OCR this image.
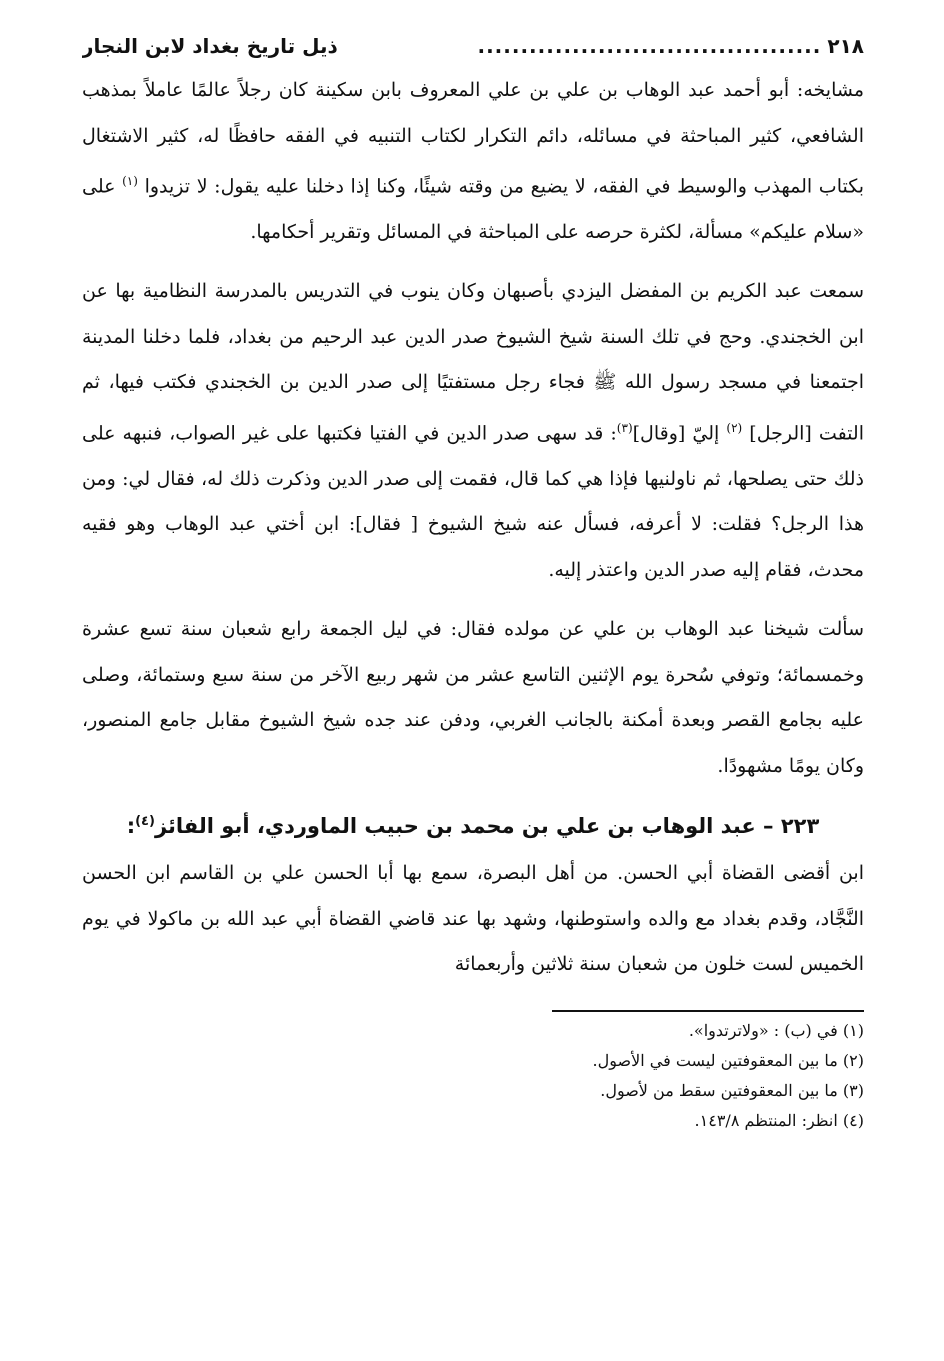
٢١٨
........................................
ذيل تاريخ بغداد لابن النجار

مشايخه: أبو أحمد عبد الوهاب بن علي بن علي المعروف بابن سكينة كان رجلاً عالمًا عاملاً بمذهب الشافعي، كثير المباحثة في مسائله، دائم التكرار لكتاب التنبيه في الفقه حافظًا له، كثير الاشتغال بكتاب المهذب والوسيط في الفقه، لا يضيع من وقته شيئًا، وكنا إذا دخلنا عليه يقول: لا تزيدوا $^{(١)}$ على «سلام عليكم» مسألة، لكثرة حرصه على المباحثة في المسائل وتقرير أحكامها.

سمعت عبد الكريم بن المفضل اليزدي بأصبهان وكان ينوب في التدريس بالمدرسة النظامية بها عن ابن الخجندي. وحج في تلك السنة شيخ الشيوخ صدر الدين عبد الرحيم من بغداد، فلما دخلنا المدينة اجتمعنا في مسجد رسول الله ﷺ فجاء رجل مستفتيًا إلى صدر الدين بن الخجندي فكتب فيها، ثم التفت [الرجل] $^{(٢)}$ إليّ [وقال]$^{(٣)}$: قد سهى صدر الدين في الفتيا فكتبها على غير الصواب، فنبهه على ذلك حتى يصلحها، ثم ناولنيها فإذا هي كما قال، فقمت إلى صدر الدين وذكرت ذلك له، فقال لي: ومن هذا الرجل؟ فقلت: لا أعرفه، فسأل عنه شيخ الشيوخ [ فقال]: ابن أختي عبد الوهاب وهو فقيه محدث، فقام إليه صدر الدين واعتذر إليه.

سألت شيخنا عبد الوهاب بن علي عن مولده فقال: في ليل الجمعة رابع شعبان سنة تسع عشرة وخمسمائة؛ وتوفي سُحرة يوم الإثنين التاسع عشر من شهر ربيع الآخر من سنة سبع وستمائة، وصلى عليه بجامع القصر وبعدة أمكنة بالجانب الغربي، ودفن عند جده شيخ الشيوخ مقابل جامع المنصور، وكان يومًا مشهودًا.

٢٢٣ – عبد الوهاب بن علي بن محمد بن حبيب الماوردي، أبو الفائز$^{(٤)}$:

ابن أقضى القضاة أبي الحسن. من أهل البصرة، سمع بها أبا الحسن علي بن القاسم ابن الحسن النَّجَّاد، وقدم بغداد مع والده واستوطنها، وشهد بها عند قاضي القضاة أبي عبد الله بن ماكولا في يوم الخميس لست خلون من شعبان سنة ثلاثين وأربعمائة

(١) في (ب) : «ولاترتدوا».
(٢) ما بين المعقوفتين ليست في الأصول.
(٣) ما بين المعقوفتين سقط من لأصول.
(٤) انظر: المنتظم ١٤٣/٨.
